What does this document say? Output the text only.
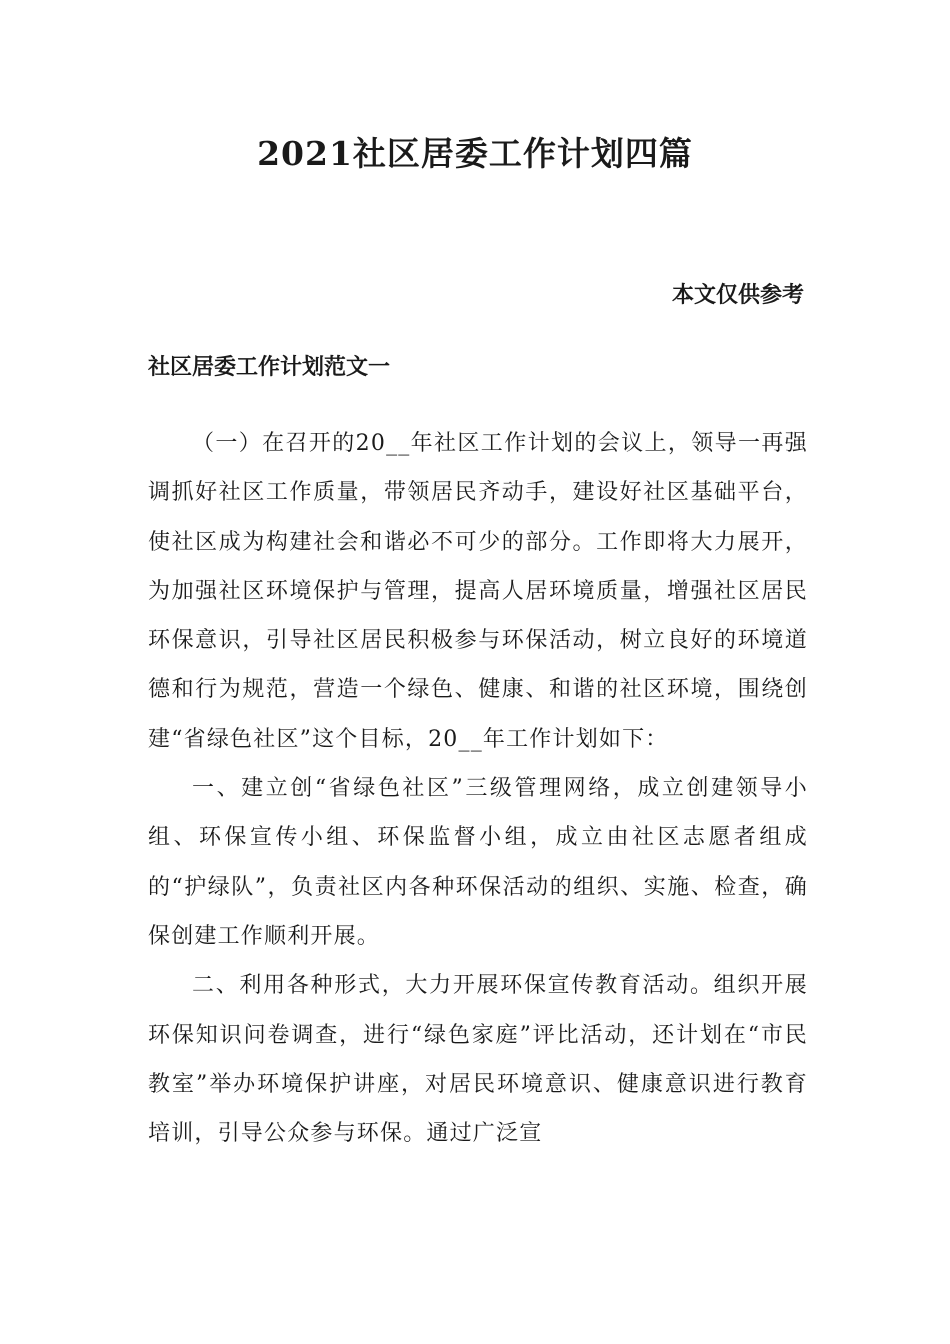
2021社区居委工作计划四篇

本文仅供参考

社区居委工作计划范文一

（一）在召开的20__年社区工作计划的会议上，领导一再强调抓好社区工作质量，带领居民齐动手，建设好社区基础平台，使社区成为构建社会和谐必不可少的部分。工作即将大力展开，为加强社区环境保护与管理，提高人居环境质量，增强社区居民环保意识，引导社区居民积极参与环保活动，树立良好的环境道德和行为规范，营造一个绿色、健康、和谐的社区环境，围绕创建“省绿色社区”这个目标，20__年工作计划如下：

一、建立创“省绿色社区”三级管理网络，成立创建领导小组、环保宣传小组、环保监督小组，成立由社区志愿者组成的“护绿队”，负责社区内各种环保活动的组织、实施、检查，确保创建工作顺利开展。

二、利用各种形式，大力开展环保宣传教育活动。组织开展环保知识问卷调查，进行“绿色家庭”评比活动，还计划在“市民教室”举办环境保护讲座，对居民环境意识、健康意识进行教育培训，引导公众参与环保。通过广泛宣
